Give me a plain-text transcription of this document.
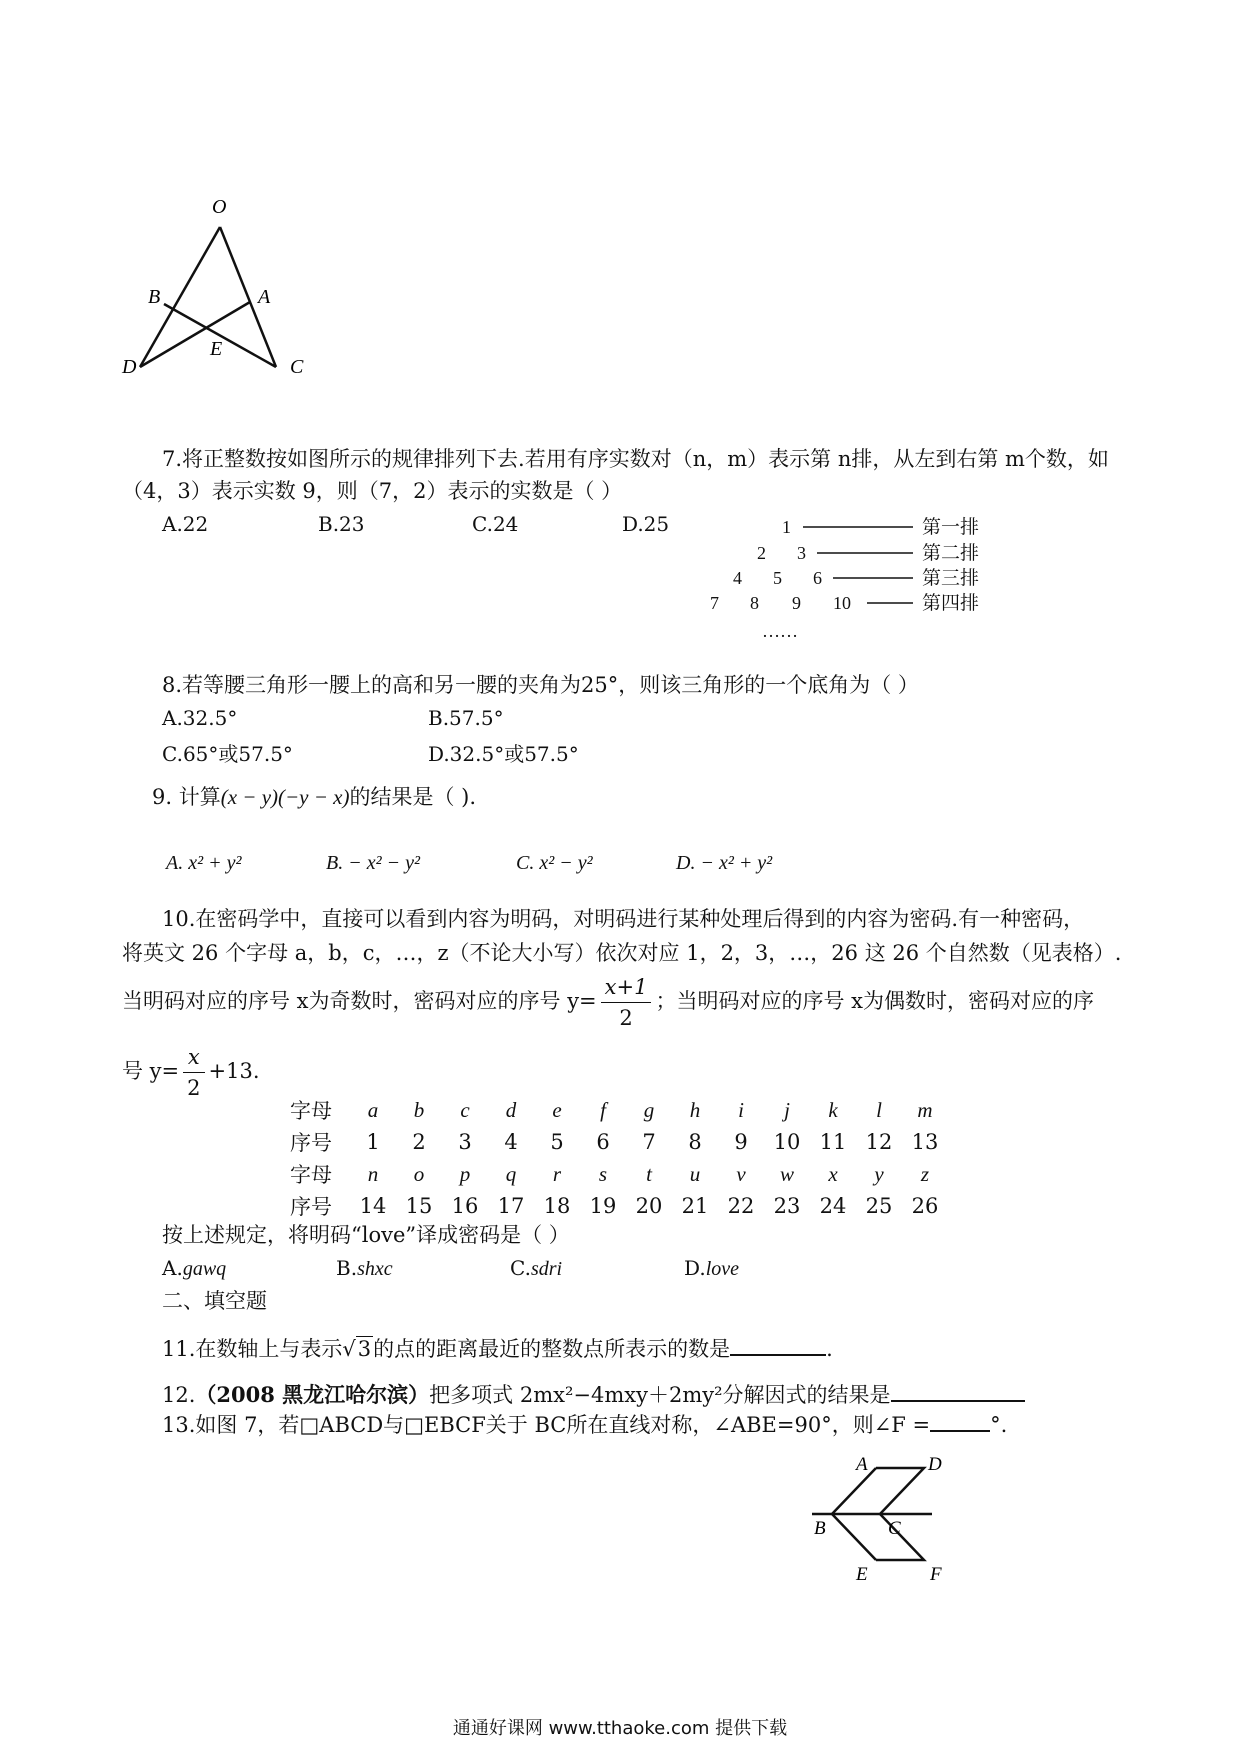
O
B	A
E
D	C
7.将正整数按如图所示的规律排列下去.若用有序实数对（n，m）表示第 n排，从左到右第 m个数，如
（4，3）表示实数 9，则（7，2）表示的实数是（ ）
A.22	B.23	C.24	D.25	1
2 3
4 5 6
7 8 9 10
……
第一排
第二排
第三排
第四排
8.若等腰三角形一腰上的高和另一腰的夹角为25°，则该三角形的一个底角为（ ）
A.32.5°	B.57.5°
C.65°或57.5°	D.32.5°或57.5°
9. 计算(x − y)(−y − x)的结果是（ ).
A. x² + y²	B. − x² − y²	C. x² − y²	D. − x² + y²
10.在密码学中，直接可以看到内容为明码，对明码进行某种处理后得到的内容为密码.有一种密码，
将英文 26 个字母 a，b，c，…，z（不论大小写）依次对应 1，2，3，…，26 这 26 个自然数（见表格）.
当明码对应的序号 x为奇数时，密码对应的序号 $y= \frac{x+1}{2}$ ；当明码对应的序号 x为偶数时，密码对应的序
号 $y= \frac{x}{2} +13$.
字母	a	b	c	d	e	f	g	h	i	j	k	l	m
序号	1	2	3	4	5	6	7	8	9	10	11	12	13
字母	n	o	p	q	r	s	t	u	v	w	x	y	z
序号	14	15	16	17	18	19	20	21	22	23	24	25	26
按上述规定，将明码“love”译成密码是（ ）
A.gawq	B.shxc	C.sdri	D.love
二、填空题
11.在数轴上与表示√3的点的距离最近的整数点所表示的数是	.
12.（2008 黑龙江哈尔滨）把多项式 2mx²−4mxy＋2my²分解因式的结果是
13.如图 7，若□ABCD与□EBCF关于 BC所在直线对称，∠ABE=90°，则∠F =	°.
A	D
B	C
E	F
通通好课网 www.tthaoke.com 提供下载
